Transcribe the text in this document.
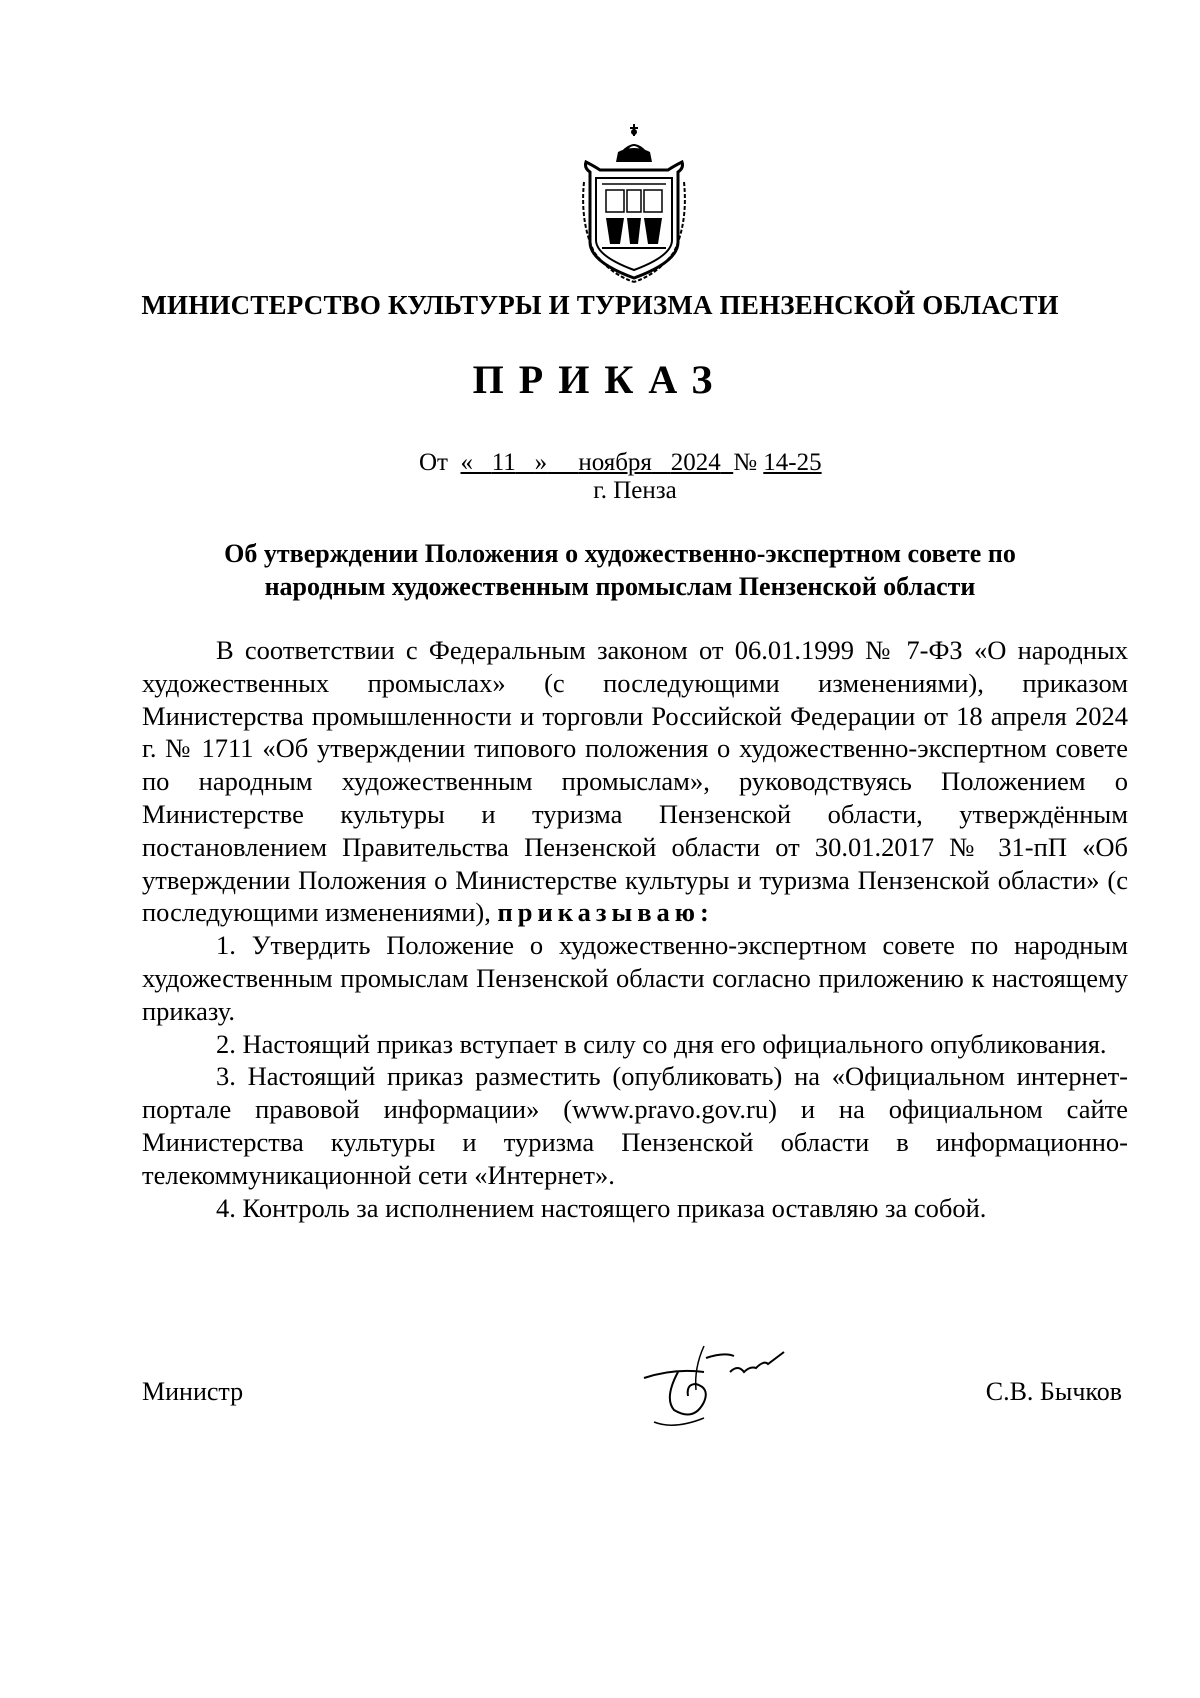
МИНИСТЕРСТВО КУЛЬТУРЫ И ТУРИЗМА ПЕНЗЕНСКОЙ ОБЛАСТИ
ПРИКАЗ
От « 11 » ноября 2024 № 14-25
г. Пенза
Об утверждении Положения о художественно-экспертном совете по
народным художественным промыслам Пензенской области

В соответствии с Федеральным законом от 06.01.1999 № 7-ФЗ «О народных художественных промыслах» (с последующими изменениями), приказом Министерства промышленности и торговли Российской Федерации от 18 апреля 2024 г. № 1711 «Об утверждении типового положения о художественно-экспертном совете по народным художественным промыслам», руководствуясь Положением о Министерстве культуры и туризма Пензенской области, утверждённым постановлением Правительства Пензенской области от 30.01.2017 № 31-пП «Об утверждении Положения о Министерстве культуры и туризма Пензенской области» (с последующими изменениями), приказываю:

1. Утвердить Положение о художественно-экспертном совете по народным художественным промыслам Пензенской области согласно приложению к настоящему приказу.

2. Настоящий приказ вступает в силу со дня его официального опубликования.

3. Настоящий приказ разместить (опубликовать) на «Официальном интернет-портале правовой информации» (www.pravo.gov.ru) и на официальном сайте Министерства культуры и туризма Пензенской области в информационно-телекоммуникационной сети «Интернет».

4. Контроль за исполнением настоящего приказа оставляю за собой.

Министр	С.В. Бычков
